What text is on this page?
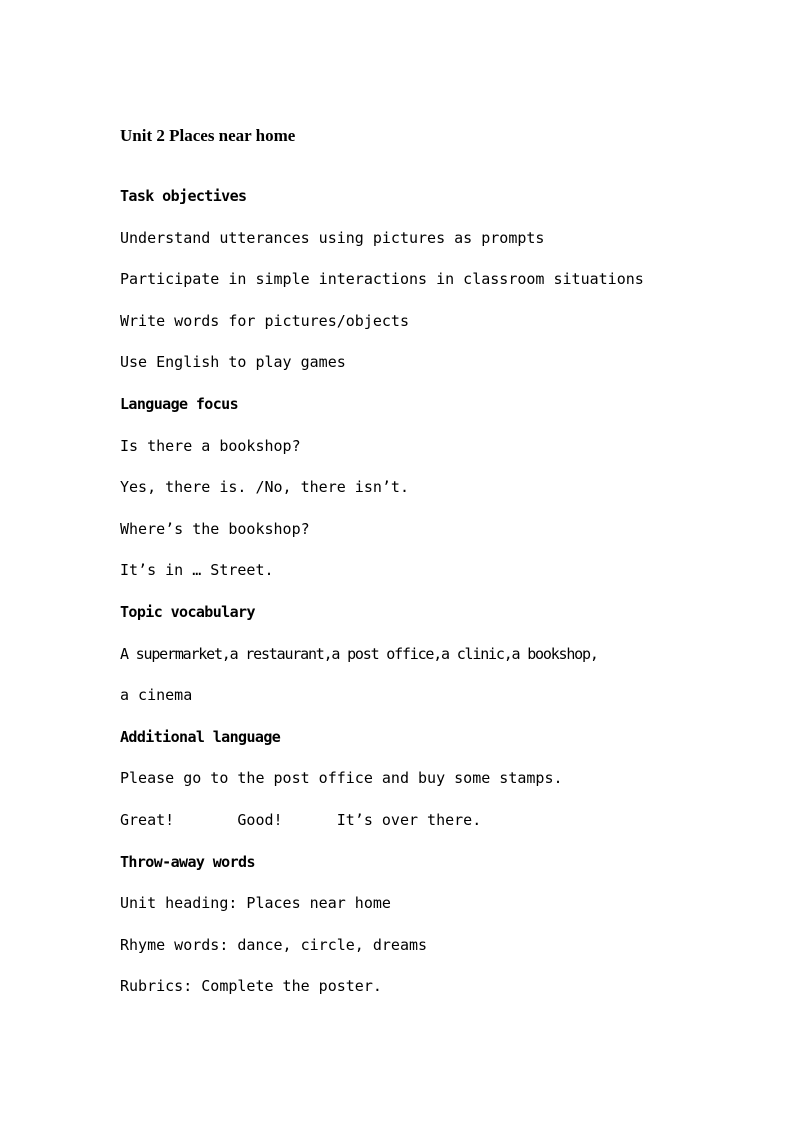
Unit 2 Places near home
Task objectives
Understand utterances using pictures as prompts
Participate in simple interactions in classroom situations
Write words for pictures/objects
Use English to play games
Language focus
Is there a bookshop?
Yes, there is. /No, there isn’t.
Where’s the bookshop?
It’s in … Street.
Topic vocabulary
A supermarket,a restaurant,a post office,a clinic,a bookshop,
a cinema
Additional language
Please go to the post office and buy some stamps.
Great!       Good!      It’s over there.
Throw-away words
Unit heading: Places near home
Rhyme words: dance, circle, dreams
Rubrics: Complete the poster.
